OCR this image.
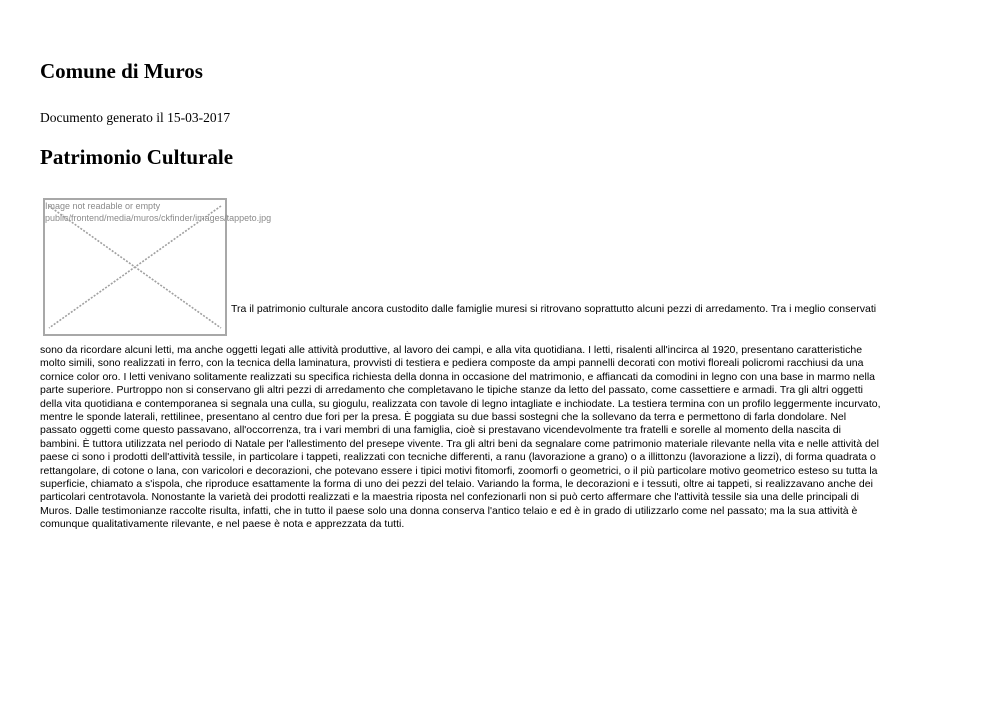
Comune di Muros

Documento generato il 15-03-2017

Patrimonio Culturale

Image not readable or empty
public/frontend/media/muros/ckfinder/images/tappeto.jpg

Tra il patrimonio culturale ancora custodito dalle famiglie muresi si ritrovano soprattutto alcuni pezzi di arredamento. Tra i meglio conservati

sono da ricordare alcuni letti, ma anche oggetti legati alle attività produttive, al lavoro dei campi, e alla vita quotidiana. I letti, risalenti all'incirca al 1920, presentano caratteristiche
molto simili, sono realizzati in ferro, con la tecnica della laminatura, provvisti di testiera e pediera composte da ampi pannelli decorati con motivi floreali policromi racchiusi da una
cornice color oro. I letti venivano solitamente realizzati su specifica richiesta della donna in occasione del matrimonio, e affiancati da comodini in legno con una base in marmo nella
parte superiore. Purtroppo non si conservano gli altri pezzi di arredamento che completavano le tipiche stanze da letto del passato, come cassettiere e armadi. Tra gli altri oggetti
della vita quotidiana e contemporanea si segnala una culla, su giogulu, realizzata con tavole di legno intagliate e inchiodate. La testiera termina con un profilo leggermente incurvato,
mentre le sponde laterali, rettilinee, presentano al centro due fori per la presa. È poggiata su due bassi sostegni che la sollevano da terra e permettono di farla dondolare. Nel
passato oggetti come questo passavano, all'occorrenza, tra i vari membri di una famiglia, cioè si prestavano vicendevolmente tra fratelli e sorelle al momento della nascita di
bambini. È tuttora utilizzata nel periodo di Natale per l'allestimento del presepe vivente. Tra gli altri beni da segnalare come patrimonio materiale rilevante nella vita e nelle attività del
paese ci sono i prodotti dell'attività tessile, in particolare i tappeti, realizzati con tecniche differenti, a ranu (lavorazione a grano) o a illittonzu (lavorazione a lizzi), di forma quadrata o
rettangolare, di cotone o lana, con varicolori e decorazioni, che potevano essere i tipici motivi fitomorfi, zoomorfi o geometrici, o il più particolare motivo geometrico esteso su tutta la
superficie, chiamato a s'ispola, che riproduce esattamente la forma di uno dei pezzi del telaio. Variando la forma, le decorazioni e i tessuti, oltre ai tappeti, si realizzavano anche dei
particolari centrotavola. Nonostante la varietà dei prodotti realizzati e la maestria riposta nel confezionarli non si può certo affermare che l'attività tessile sia una delle principali di
Muros. Dalle testimonianze raccolte risulta, infatti, che in tutto il paese solo una donna conserva l'antico telaio e ed è in grado di utilizzarlo come nel passato; ma la sua attività è
comunque qualitativamente rilevante, e nel paese è nota e apprezzata da tutti.
